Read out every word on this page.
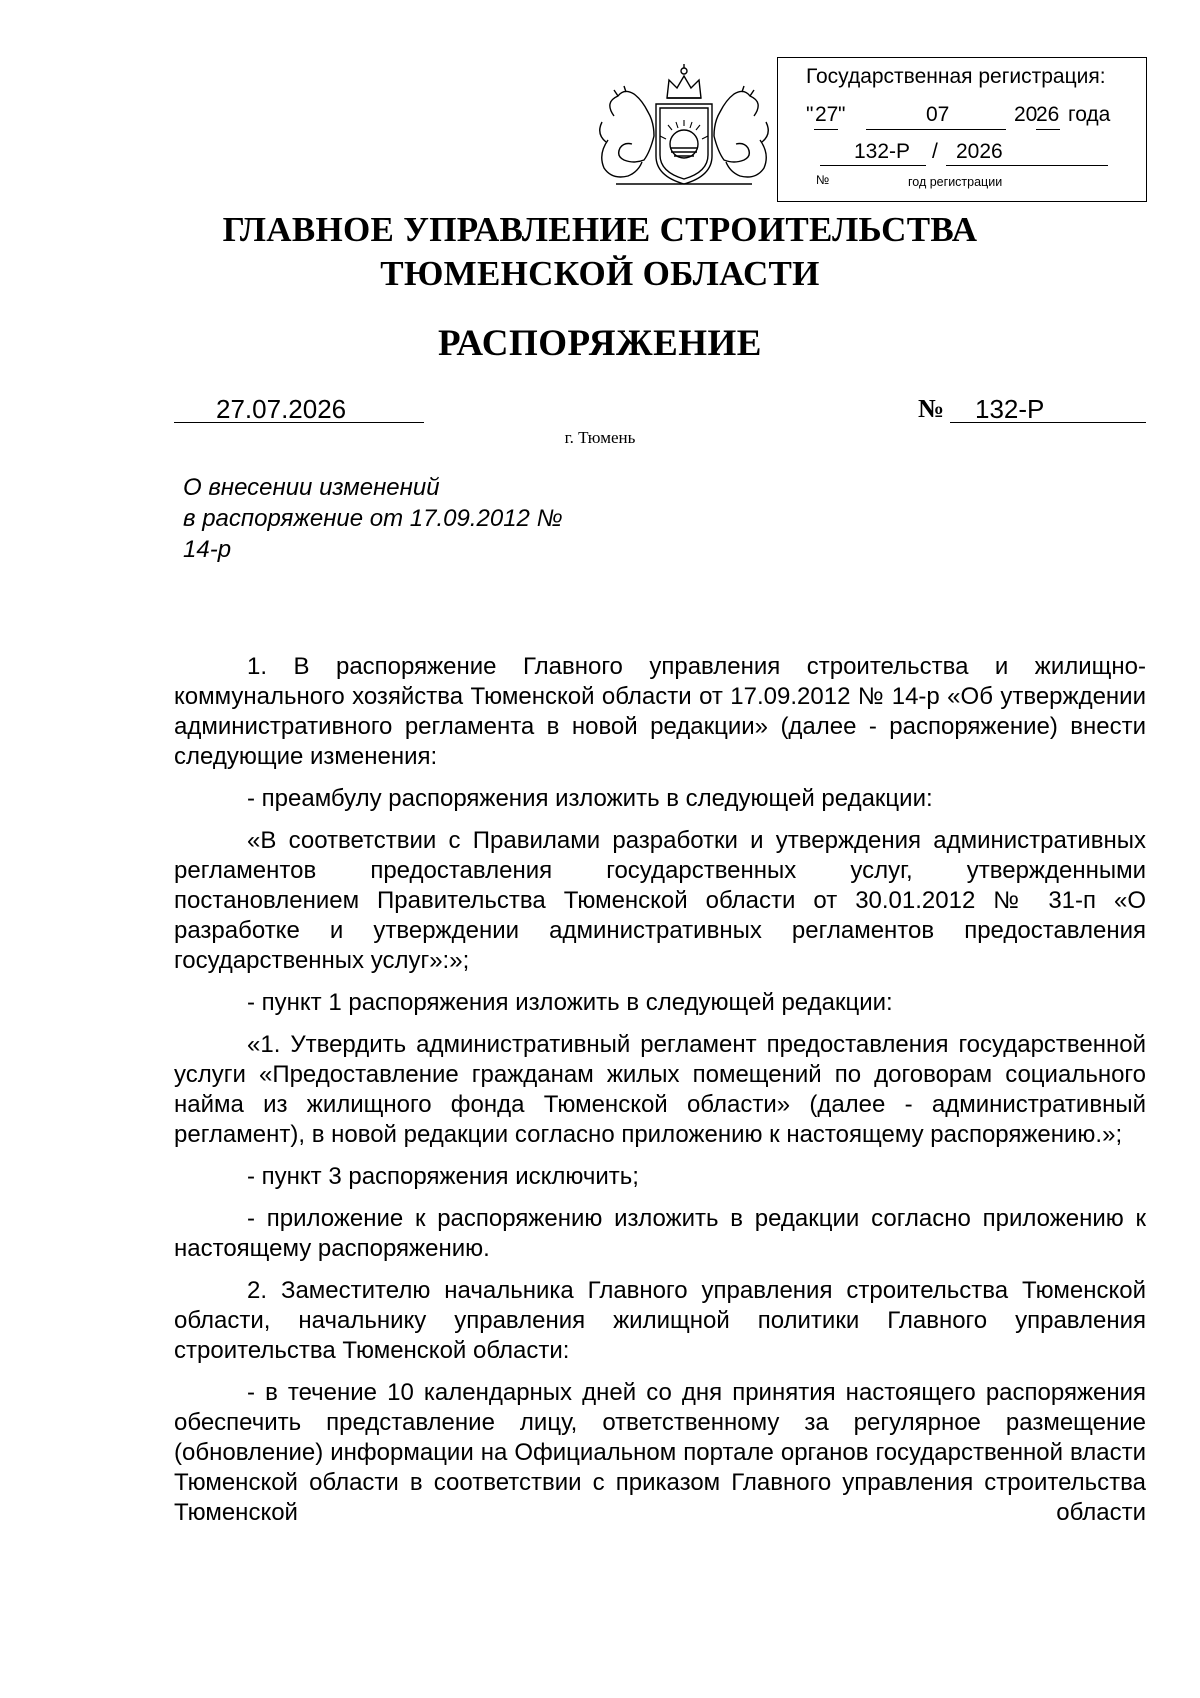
Государственная регистрация:
" 27 "	07	20
26 года
132-Р / 2026
№	год регистрации
ГЛАВНОЕ УПРАВЛЕНИЕ СТРОИТЕЛЬСТВА
ТЮМЕНСКОЙ ОБЛАСТИ
РАСПОРЯЖЕНИЕ
27.07.2026	№ 132-Р
г. Тюмень
О внесении изменений
в распоряжение от 17.09.2012 №
14-р

1. В распоряжение Главного управления строительства и жилищно-коммунального хозяйства Тюменской области от 17.09.2012 № 14-р «Об утверждении административного регламента в новой редакции» (далее - распоряжение) внести следующие изменения:

- преамбулу распоряжения изложить в следующей редакции:

«В соответствии с Правилами разработки и утверждения административных регламентов предоставления государственных услуг, утвержденными постановлением Правительства Тюменской области от 30.01.2012 № 31-п «О разработке и утверждении административных регламентов предоставления государственных услуг»:»;

- пункт 1 распоряжения изложить в следующей редакции:

«1. Утвердить административный регламент предоставления государственной услуги «Предоставление гражданам жилых помещений по договорам социального найма из жилищного фонда Тюменской области» (далее - административный регламент), в новой редакции согласно приложению к настоящему распоряжению.»;

- пункт 3 распоряжения исключить;

- приложение к распоряжению изложить в редакции согласно приложению к настоящему распоряжению.

2. Заместителю начальника Главного управления строительства Тюменской области, начальнику управления жилищной политики Главного управления строительства Тюменской области:

- в течение 10 календарных дней со дня принятия настоящего распоряжения обеспечить представление лицу, ответственному за регулярное размещение (обновление) информации на Официальном портале органов государственной власти Тюменской области в соответствии с приказом Главного управления строительства Тюменской области
